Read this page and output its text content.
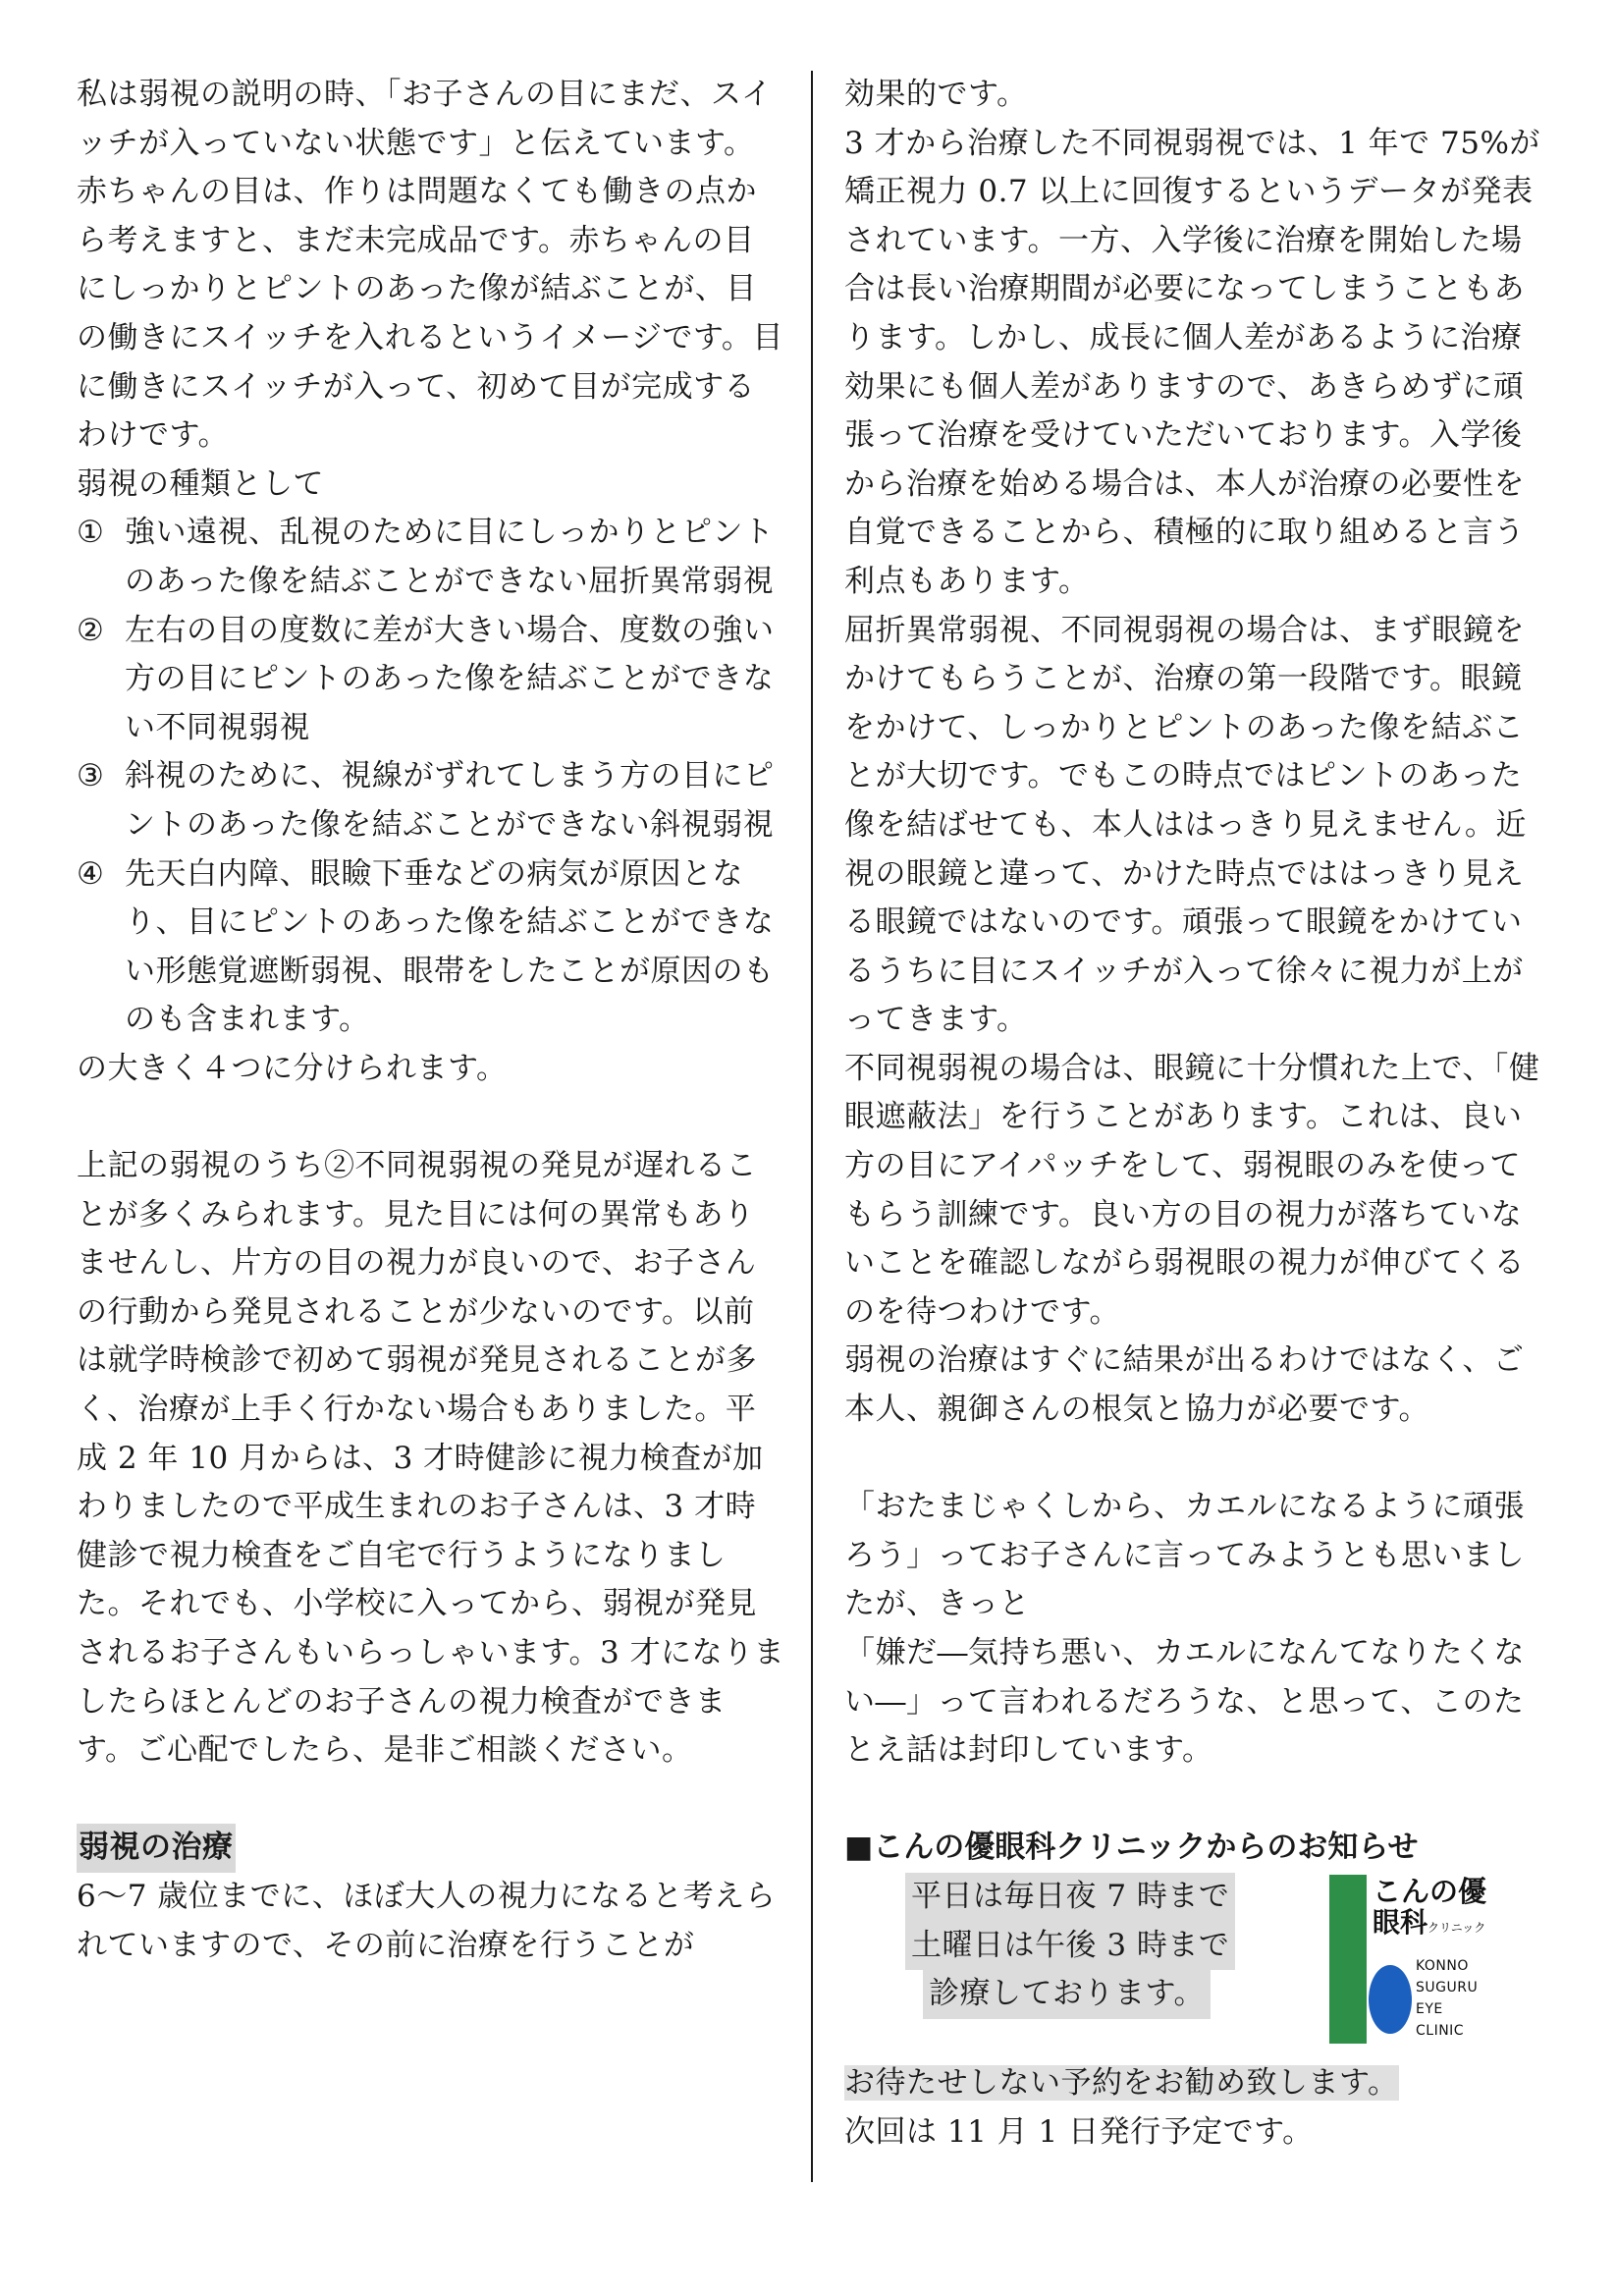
私は弱視の説明の時、「お子さんの目にまだ、スイッチが入っていない状態です」と伝えています。赤ちゃんの目は、作りは問題なくても働きの点から考えますと、まだ未完成品です。赤ちゃんの目にしっかりとピントのあった像が結ぶことが、目の働きにスイッチを入れるというイメージです。目に働きにスイッチが入って、初めて目が完成するわけです。

弱視の種類として

① 強い遠視、乱視のために目にしっかりとピントのあった像を結ぶことができない屈折異常弱視
② 左右の目の度数に差が大きい場合、度数の強い方の目にピントのあった像を結ぶことができない不同視弱視
③ 斜視のために、視線がずれてしまう方の目にピントのあった像を結ぶことができない斜視弱視
④ 先天白内障、眼瞼下垂などの病気が原因となり、目にピントのあった像を結ぶことができない形態覚遮断弱視、眼帯をしたことが原因のものも含まれます。

の大きく４つに分けられます。

上記の弱視のうち②不同視弱視の発見が遅れることが多くみられます。見た目には何の異常もありませんし、片方の目の視力が良いので、お子さんの行動から発見されることが少ないのです。以前は就学時検診で初めて弱視が発見されることが多く、治療が上手く行かない場合もありました。平成 2 年 10 月からは、3 才時健診に視力検査が加わりましたので平成生まれのお子さんは、3 才時健診で視力検査をご自宅で行うようになりました。それでも、小学校に入ってから、弱視が発見されるお子さんもいらっしゃいます。3 才になりましたらほとんどのお子さんの視力検査ができます。ご心配でしたら、是非ご相談ください。

弱視の治療

6～7 歳位までに、ほぼ大人の視力になると考えられていますので、その前に治療を行うことが

効果的です。

3 才から治療した不同視弱視では、1 年で 75%が矯正視力 0.7 以上に回復するというデータが発表されています。一方、入学後に治療を開始した場合は長い治療期間が必要になってしまうこともあります。しかし、成長に個人差があるように治療効果にも個人差がありますので、あきらめずに頑張って治療を受けていただいております。入学後から治療を始める場合は、本人が治療の必要性を自覚できることから、積極的に取り組めると言う利点もあります。

屈折異常弱視、不同視弱視の場合は、まず眼鏡をかけてもらうことが、治療の第一段階です。眼鏡をかけて、しっかりとピントのあった像を結ぶことが大切です。でもこの時点ではピントのあった像を結ばせても、本人ははっきり見えません。近視の眼鏡と違って、かけた時点でははっきり見える眼鏡ではないのです。頑張って眼鏡をかけているうちに目にスイッチが入って徐々に視力が上がってきます。

不同視弱視の場合は、眼鏡に十分慣れた上で、「健眼遮蔽法」を行うことがあります。これは、良い方の目にアイパッチをして、弱視眼のみを使ってもらう訓練です。良い方の目の視力が落ちていないことを確認しながら弱視眼の視力が伸びてくるのを待つわけです。

弱視の治療はすぐに結果が出るわけではなく、ご本人、親御さんの根気と協力が必要です。

「おたまじゃくしから、カエルになるように頑張ろう」ってお子さんに言ってみようとも思いましたが、きっと

「嫌だ―気持ち悪い、カエルになんてなりたくない―」って言われるだろうな、と思って、このたとえ話は封印しています。

■こんの優眼科クリニックからのお知らせ

平日は毎日夜 7 時まで
土曜日は午後 3 時まで
診療しております。
こんの優
眼科クリニック
KONNO
SUGURU
EYE
CLINIC

お待たせしない予約をお勧め致します。

次回は 11 月 1 日発行予定です。
